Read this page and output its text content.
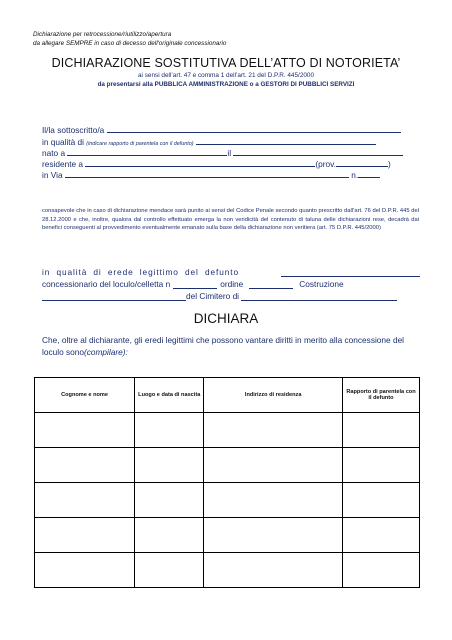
Dichiarazione per retrocessione/riutilizzo/apertura
da allegare SEMPRE in caso di decesso dell'originale concessionario
DICHIARAZIONE SOSTITUTIVA DELL’ATTO DI NOTORIETA’
ai sensi dell’art. 47 e comma 1 dell’art. 21 del D.P.R. 445/2000
da presentarsi alla PUBBLICA AMMINISTRAZIONE o a GESTORI DI PUBBLICI SERVIZI
Il/la sottoscritto/a
in qualità di (indicare rapporto di parentela con il defunto)
nato a	il
residente a	(prov.	)
in Via	n.
consapevole che in caso di dichiarazione mendace sarà punito ai sensi del Codice Penale secondo quanto prescritto dall’art. 76 del D.P.R. 445 del 28.12.2000 e che, inoltre, qualora dal controllo effettuato emerga la non veridicità del contenuto di taluna delle dichiarazioni rese, decadrà dai benefici conseguenti al provvedimento eventualmente emanato sulla base della dichiarazione non veritiera (art. 75 D.P.R. 445/2000)
in qualità di erede legittimo del defunto
concessionario del loculo/celletta n	ordine	Costruzione
del Cimitero di
DICHIARA
Che, oltre al dichiarante, gli eredi legittimi che possono vantare diritti in merito alla concessione del loculo sono(compilare):
Cognome e nome	Luogo e data di nascita	Indirizzo di residenza	Rapporto di parentela con il defunto
